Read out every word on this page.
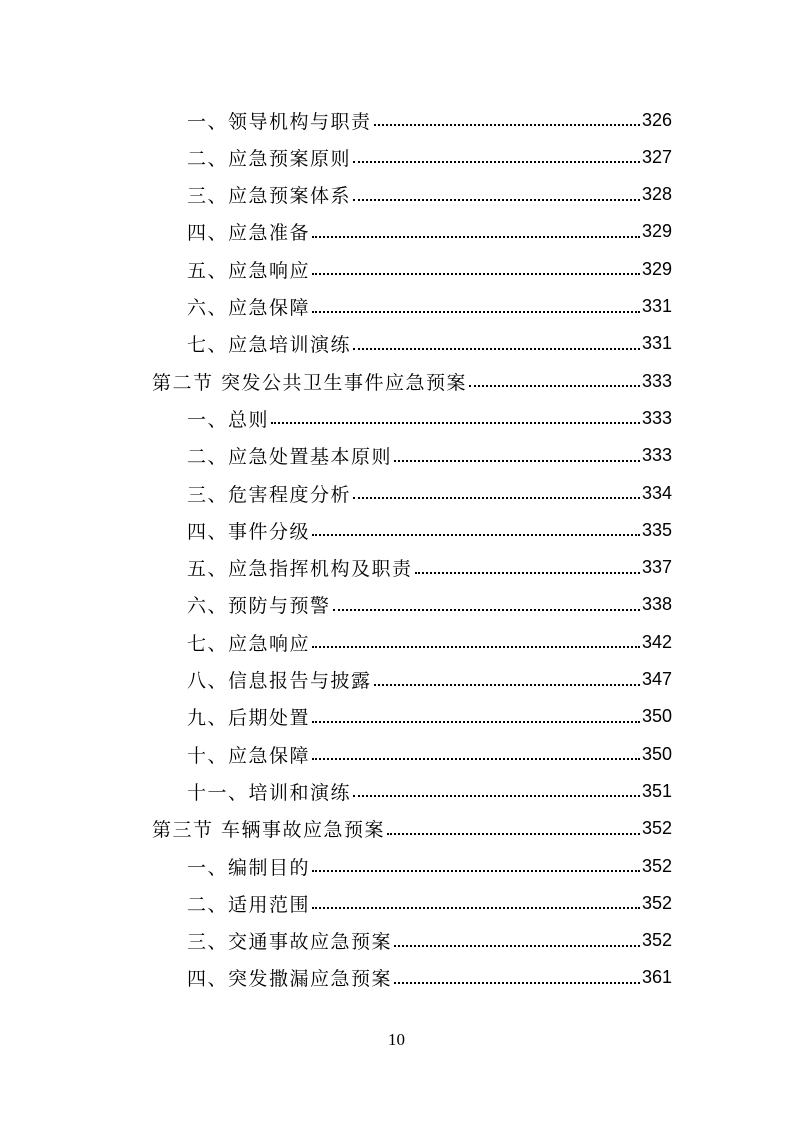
一、领导机构与职责	326
二、应急预案原则	327
三、应急预案体系	328
四、应急准备	329
五、应急响应	329
六、应急保障	331
七、应急培训演练	331
第二节 突发公共卫生事件应急预案	333
一、总则	333
二、应急处置基本原则	333
三、危害程度分析	334
四、事件分级	335
五、应急指挥机构及职责	337
六、预防与预警	338
七、应急响应	342
八、信息报告与披露	347
九、后期处置	350
十、应急保障	350
十一、培训和演练	351
第三节 车辆事故应急预案	352
一、编制目的	352
二、适用范围	352
三、交通事故应急预案	352
四、突发撒漏应急预案	361
10
